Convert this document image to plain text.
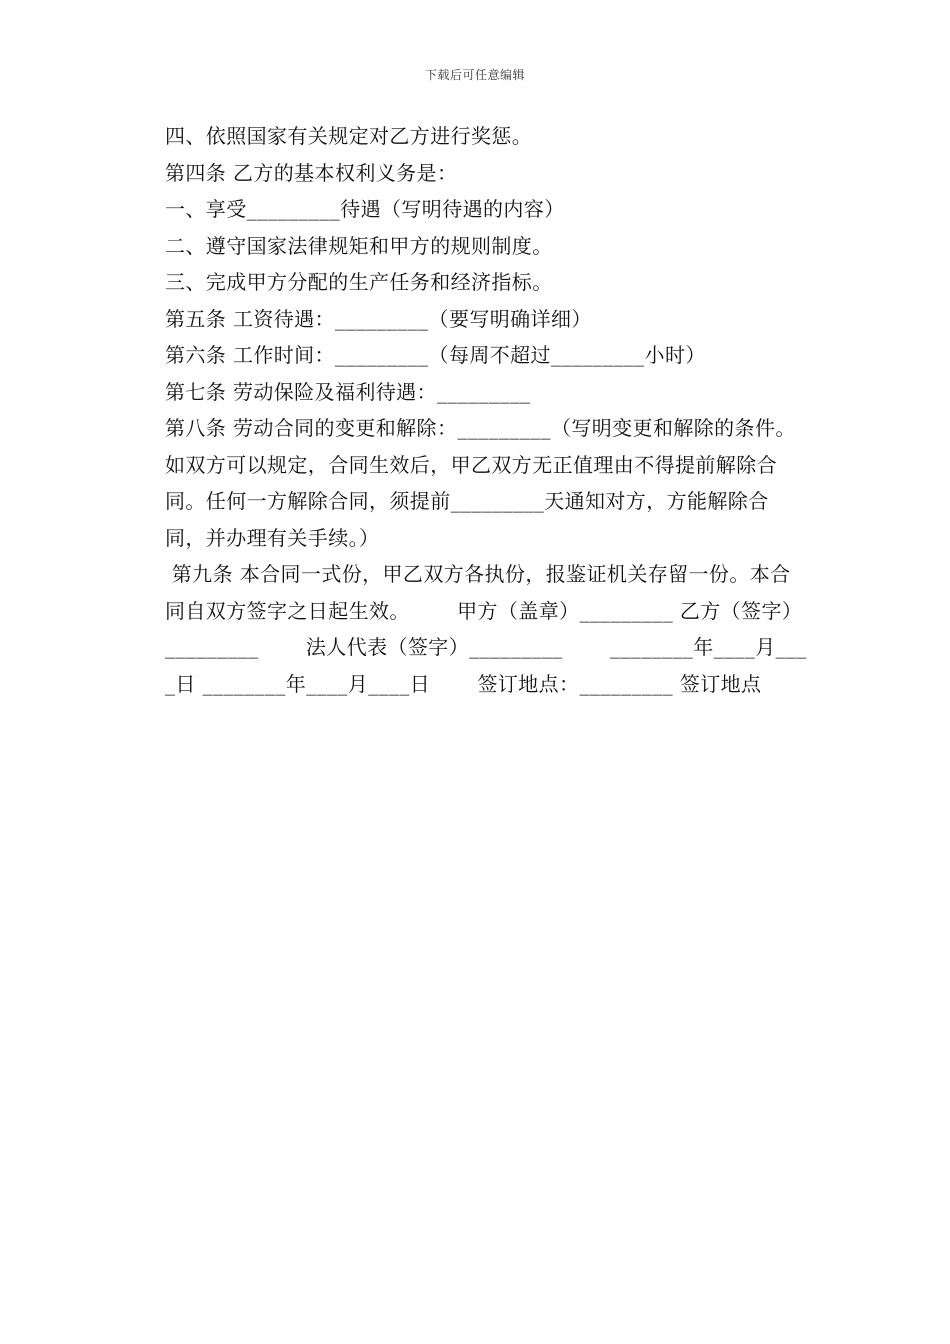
下载后可任意编辑

四、依照国家有关规定对乙方进行奖惩。

第四条 乙方的基本权利义务是：

一、享受_________待遇（写明待遇的内容）

二、遵守国家法律规矩和甲方的规则制度。

三、完成甲方分配的生产任务和经济指标。

第五条 工资待遇：_________（要写明确详细）

第六条 工作时间：_________（每周不超过_________小时）

第七条 劳动保险及福利待遇：_________

第八条 劳动合同的变更和解除：_________（写明变更和解除的条件。如双方可以规定，合同生效后，甲乙双方无正值理由不得提前解除合同。任何一方解除合同，须提前_________天通知对方，方能解除合同，并办理有关手续。）

第九条 本合同一式份，甲乙双方各执份，报鉴证机关存留一份。本合同自双方签字之日起生效。       甲方（盖章）_________ 乙方（签字）_________       法人代表（签字）_________       ________年____月____日 ________年____月____日       签订地点：_________ 签订地点
